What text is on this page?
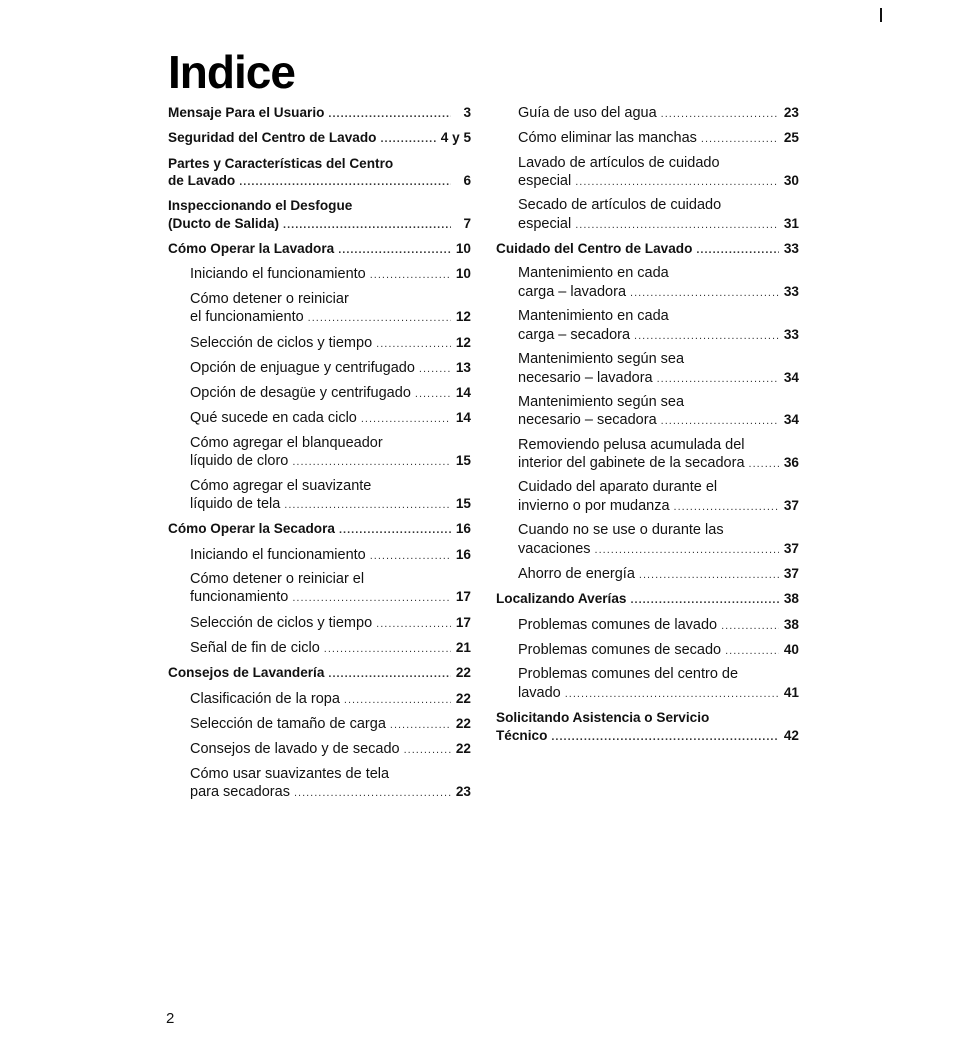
Indice
Mensaje Para el Usuario .....	3
Seguridad del Centro de Lavado .....	4 y 5
Partes y Características del Centro
de Lavado .....	6
Inspeccionando el Desfogue
(Ducto de Salida) .....	7
Cómo Operar la Lavadora .....	10
Iniciando el funcionamiento .....	10
Cómo detener o reiniciar
el funcionamiento .....	12
Selección de ciclos y tiempo .....	12
Opción de enjuague y centrifugado .....	13
Opción de desagüe y centrifugado .....	14
Qué sucede en cada ciclo .....	14
Cómo agregar el blanqueador
líquido de cloro .....	15
Cómo agregar el suavizante
líquido de tela .....	15
Cómo Operar la Secadora .....	16
Iniciando el funcionamiento .....	16
Cómo detener o reiniciar el
funcionamiento .....	17
Selección de ciclos y tiempo .....	17
Señal de fin de ciclo .....	21
Consejos de Lavandería .....	22
Clasificación de la ropa .....	22
Selección de tamaño de carga .....	22
Consejos de lavado y de secado .....	22
Cómo usar suavizantes de tela
para secadoras .....	23
Guía de uso del agua .....	23
Cómo eliminar las manchas .....	25
Lavado de artículos de cuidado
especial .....	30
Secado de artículos de cuidado
especial .....	31
Cuidado del Centro de Lavado .....	33
Mantenimiento en cada
carga – lavadora .....	33
Mantenimiento en cada
carga – secadora .....	33
Mantenimiento según sea
necesario – lavadora .....	34
Mantenimiento según sea
necesario – secadora .....	34
Removiendo pelusa acumulada del
interior del gabinete de la secadora .....	36
Cuidado del aparato durante el
invierno o por mudanza .....	37
Cuando no se use o durante las
vacaciones .....	37
Ahorro de energía .....	37
Localizando Averías .....	38
Problemas comunes de lavado .....	38
Problemas comunes de secado .....	40
Problemas comunes del centro de
lavado .....	41
Solicitando Asistencia o Servicio
Técnico .....	42
2
